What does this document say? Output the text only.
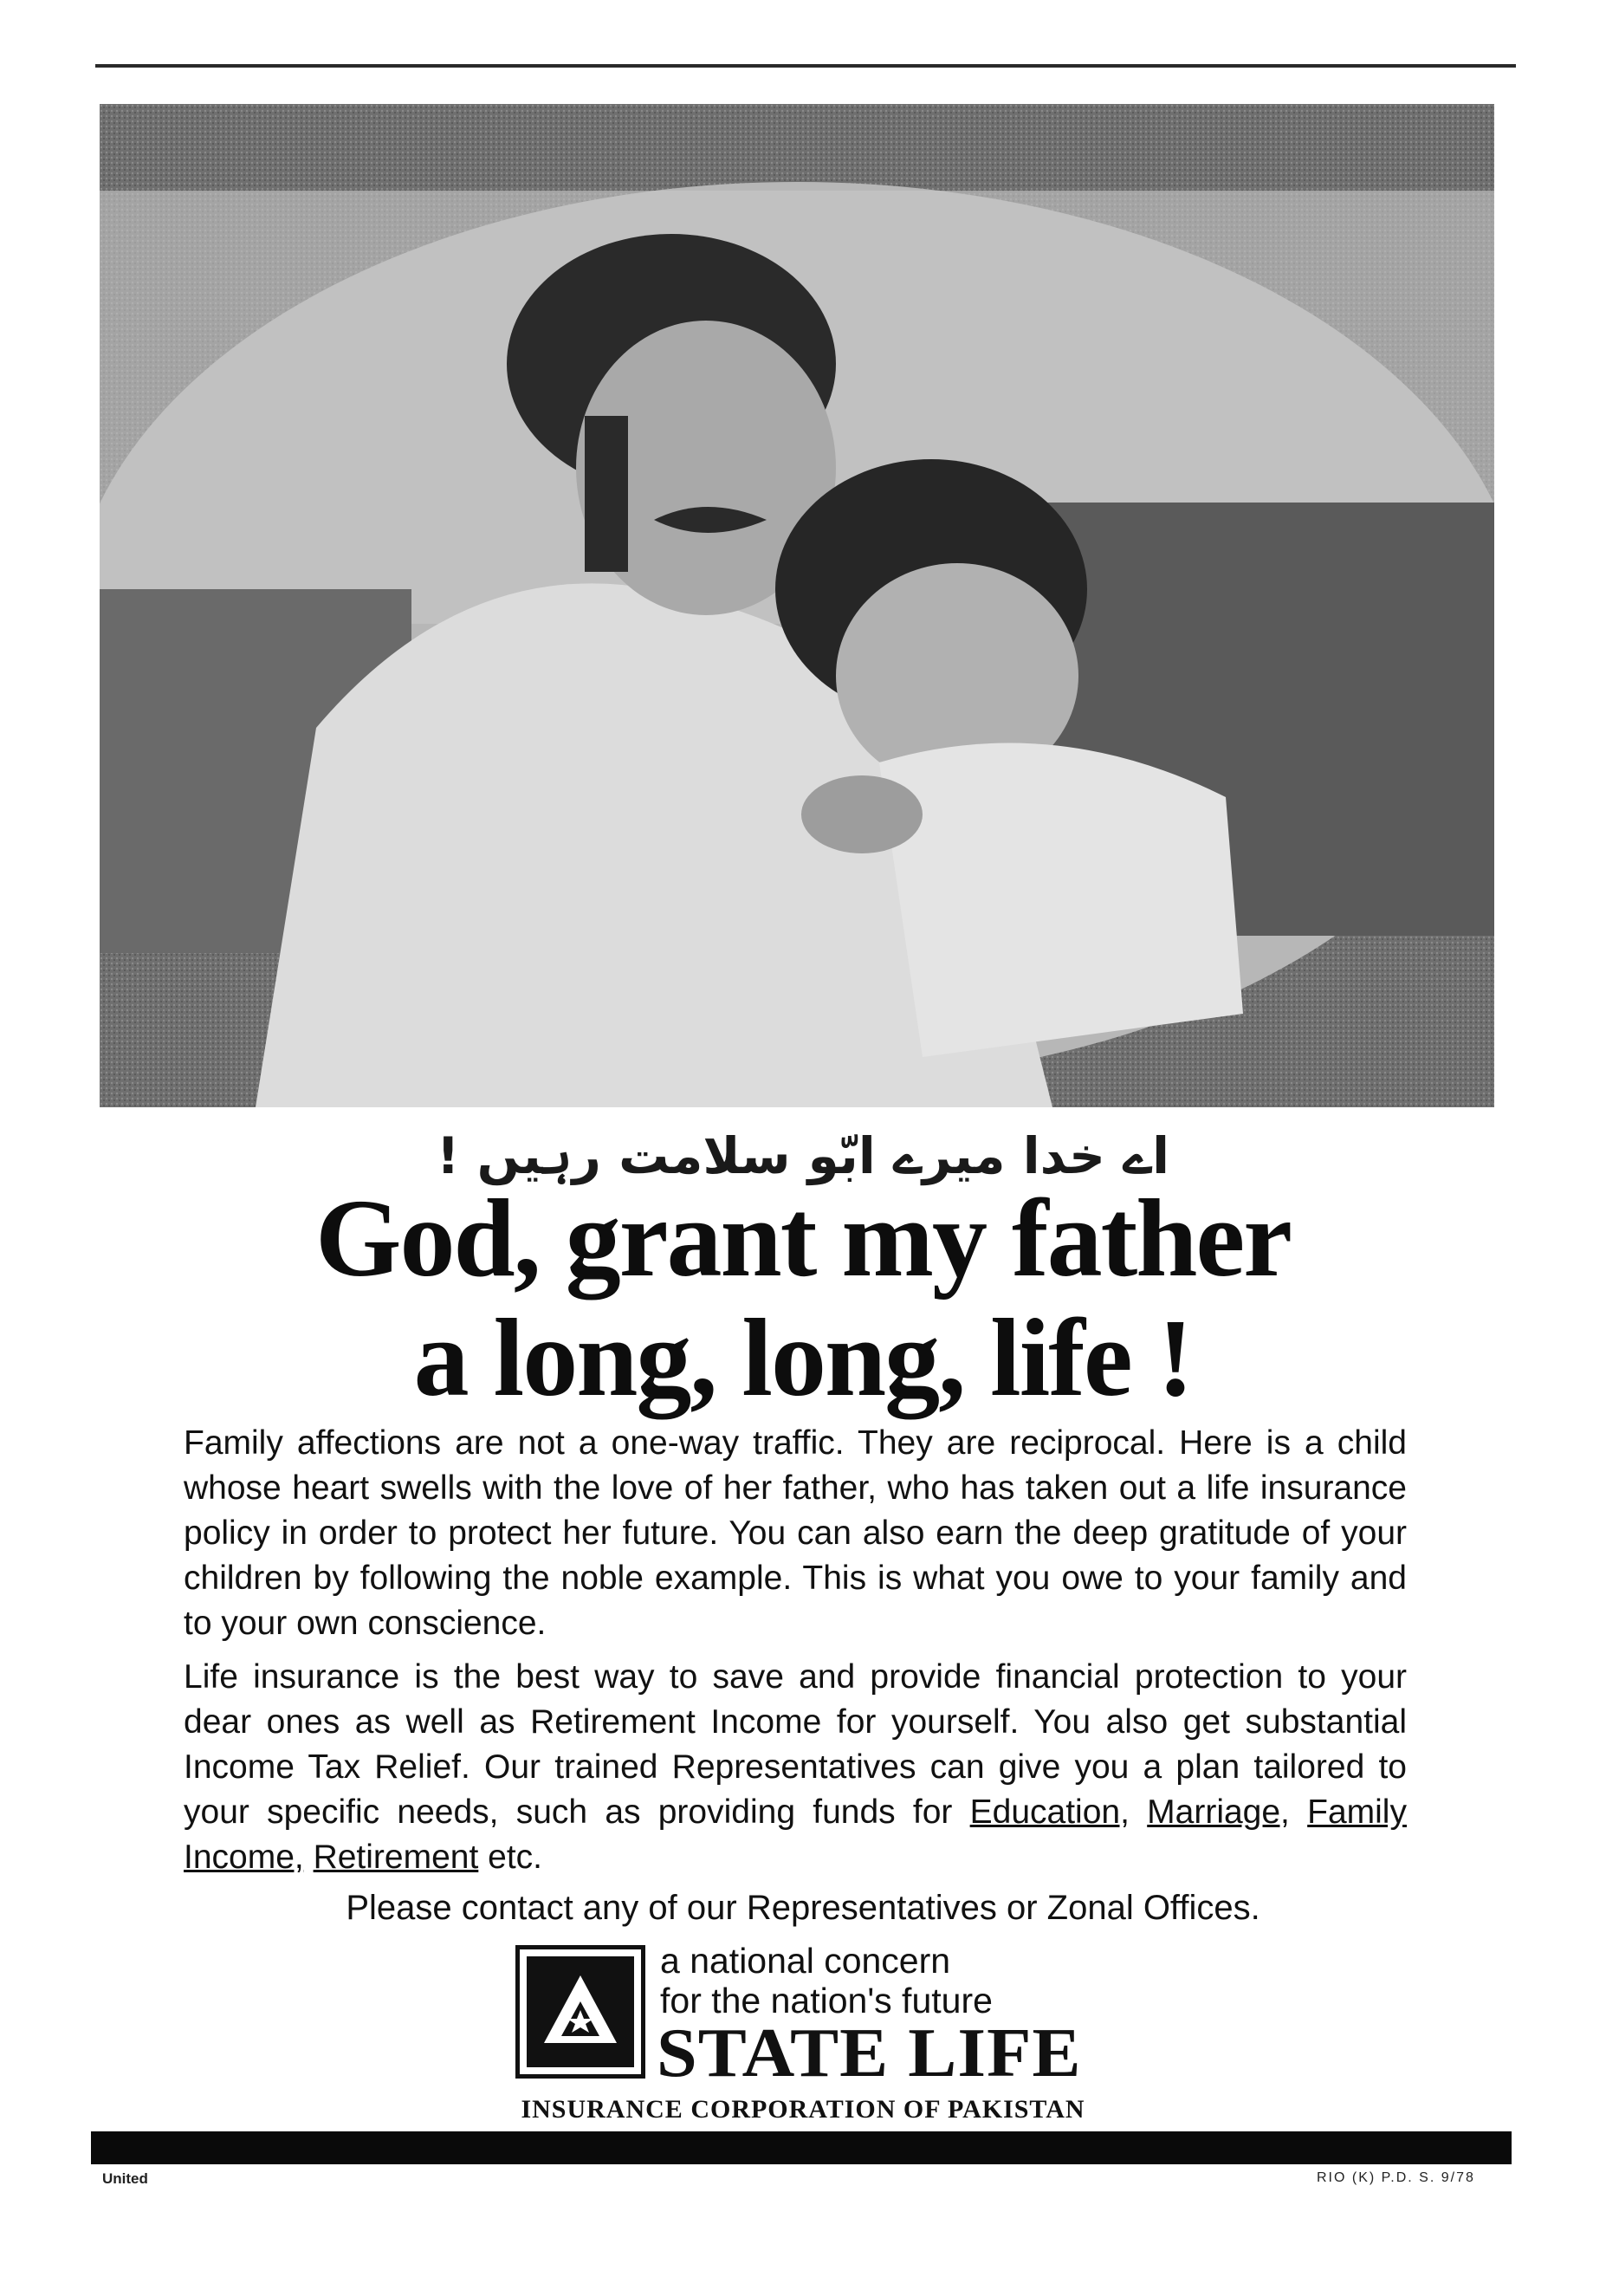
اے خدا میرے ابّو سلامت رہیں !
God, grant my father
a long, long, life !
Family affections are not a one-way traffic. They are reciprocal. Here is a child whose heart swells with the love of her father, who has taken out a life insurance policy in order to protect her future. You can also earn the deep gratitude of your children by following the noble example. This is what you owe to your family and to your own conscience.
Life insurance is the best way to save and provide financial protection to your dear ones as well as Retirement Income for yourself. You also get substantial Income Tax Relief. Our trained Representatives can give you a plan tailored to your specific needs, such as providing funds for Education, Marriage, Family Income, Retirement etc.
Please contact any of our Representatives or Zonal Offices.
a national concern
for the nation's future
STATE LIFE
INSURANCE CORPORATION OF PAKISTAN
United	RIO (K) P.D. S. 9/78
